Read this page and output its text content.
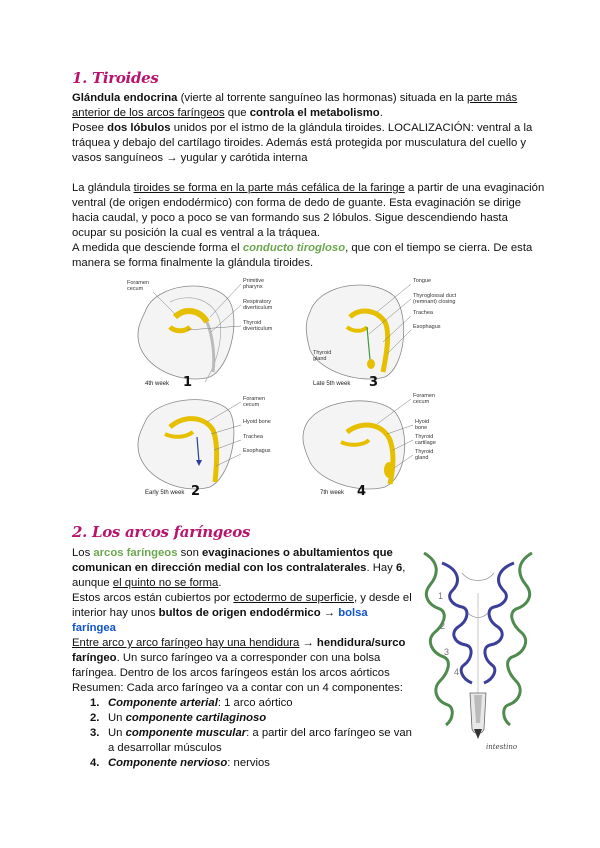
1. Tiroides
Glándula endocrina (vierte al torrente sanguíneo las hormonas) situada en la parte más
anterior de los arcos faríngeos que controla el metabolismo.
Posee dos lóbulos unidos por el istmo de la glándula tiroides. LOCALIZACIÓN: ventral a la
tráquea y debajo del cartílago tiroides. Además está protegida por musculatura del cuello y
vasos sanguíneos → yugular y carótida interna
La glándula tiroides se forma en la parte más cefálica de la faringe a partir de una evaginación
ventral (de origen endodérmico) con forma de dedo de guante. Esta evaginación se dirige
hacia caudal, y poco a poco se van formando sus 2 lóbulos. Sigue descendiendo hasta
ocupar su posición la cual es ventral a la tráquea.
A medida que desciende forma el conducto tirogloso, que con el tiempo se cierra. De esta
manera se forma finalmente la glándula tiroides.
Foramen
cecum
Primitive
pharynx
Respiratory
diverticulum
Thyroid
diverticulum
4th week 1
Tongue
Thyroglossal duct
(remnant) closing
Trachea
Esophagus
Thyroid
gland
Late 5th week 3
Foramen
cecum
Hyoid bone
Trachea
Esophagus
Early 5th week 2
Foramen
cecum
Hyoid
bone
Thyroid
cartilage
Thyroid
gland
7th week 4
2. Los arcos faríngeos
Los arcos faríngeos son evaginaciones o abultamientos que
comunican en dirección medial con los contralaterales. Hay 6,
aunque el quinto no se forma.
Estos arcos están cubiertos por ectodermo de superficie, y desde el
interior hay unos bultos de origen endodérmico → bolsa
faríngea
Entre arco y arco faríngeo hay una hendidura → hendidura/surco
faríngeo. Un surco faríngeo va a corresponder con una bolsa
faríngea. Dentro de los arcos faríngeos están los arcos aórticos
Resumen: Cada arco faríngeo va a contar con un 4 componentes:
1. Componente arterial: 1 arco aórtico
2. Un componente cartilaginoso
3. Un componente muscular: a partir del arco faríngeo se van
a desarrollar músculos
4. Componente nervioso: nervios
1
2
3
4
intestino
